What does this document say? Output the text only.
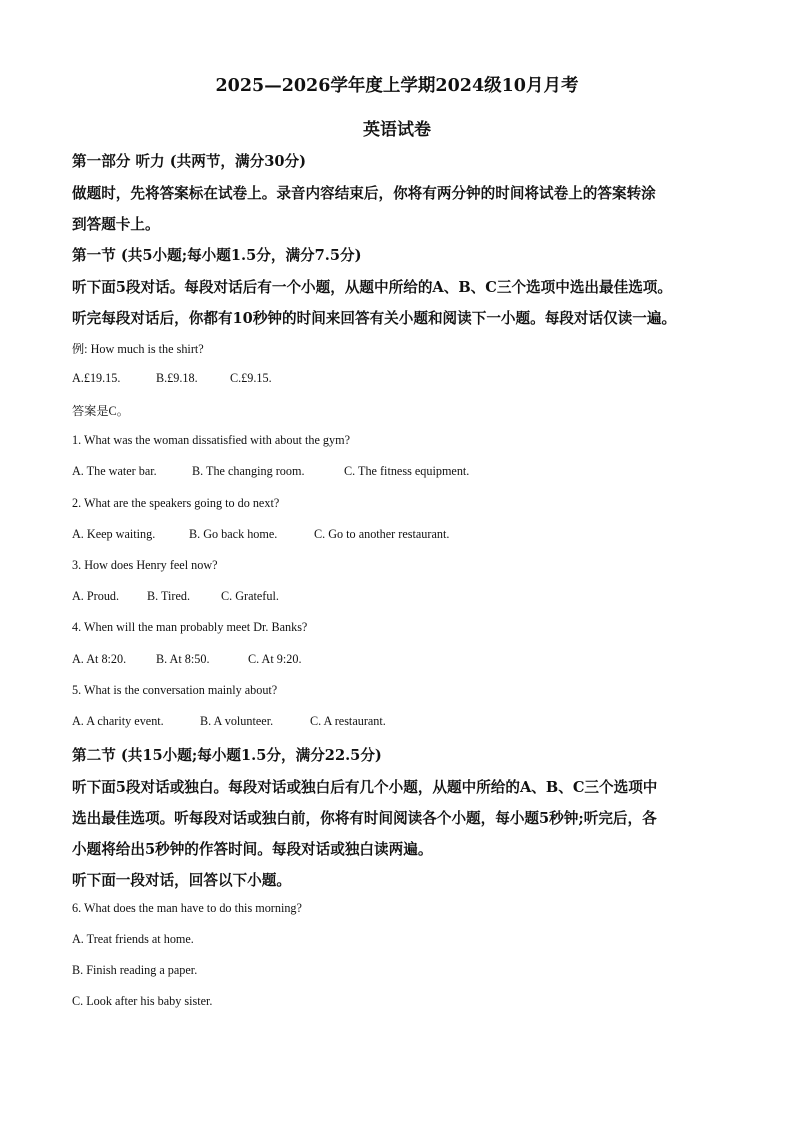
2025—2026学年度上学期2024级10月月考
英语试卷
第一部分 听力 (共两节，满分30分)
做题时，先将答案标在试卷上。录音内容结束后，你将有两分钟的时间将试卷上的答案转涂
到答题卡上。
第一节 (共5小题;每小题1.5分，满分7.5分)
听下面5段对话。每段对话后有一个小题，从题中所给的A、B、C三个选项中选出最佳选项。
听完每段对话后，你都有10秒钟的时间来回答有关小题和阅读下一小题。每段对话仅读一遍。
例: How much is the shirt?
A.£19.15.	B.£9.18.	C.£9.15.
答案是C。
1. What was the woman dissatisfied with about the gym?
A. The water bar.	B. The changing room.	C. The fitness equipment.
2. What are the speakers going to do next?
A. Keep waiting.	B. Go back home.	C. Go to another restaurant.
3. How does Henry feel now?
A. Proud. B. Tired.	C. Grateful.
4. When will the man probably meet Dr. Banks?
A. At 8:20. B. At 8:50.	C. At 9:20.
5. What is the conversation mainly about?
A. A charity event.	B. A volunteer.	C. A restaurant.
第二节 (共15小题;每小题1.5分，满分22.5分)
听下面5段对话或独白。每段对话或独白后有几个小题，从题中所给的A、B、C三个选项中
选出最佳选项。听每段对话或独白前，你将有时间阅读各个小题，每小题5秒钟;听完后，各
小题将给出5秒钟的作答时间。每段对话或独白读两遍。
听下面一段对话，回答以下小题。
6. What does the man have to do this morning?
A. Treat friends at home.
B. Finish reading a paper.
C. Look after his baby sister.
